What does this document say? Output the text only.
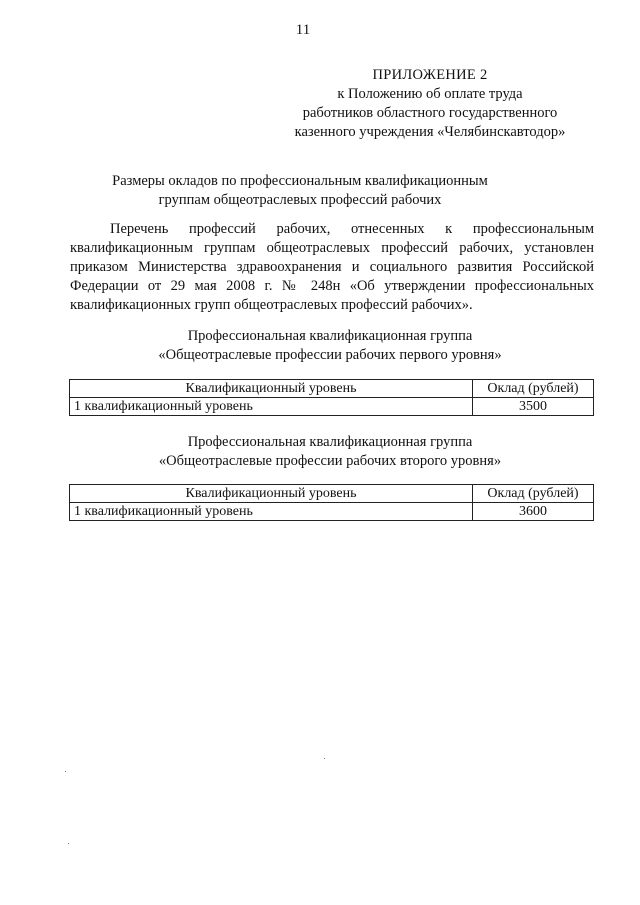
11
ПРИЛОЖЕНИЕ 2
к Положению об оплате труда
работников областного государственного
казенного учреждения «Челябинскавтодор»
Размеры окладов по профессиональным квалификационным
группам общеотраслевых профессий рабочих

Перечень профессий рабочих, отнесенных к профессиональным квалификационным группам общеотраслевых профессий рабочих, установлен приказом Министерства здравоохранения и социального развития Российской Федерации от 29 мая 2008 г. № 248н «Об утверждении профессиональных квалификационных групп общеотраслевых профессий рабочих».

Профессиональная квалификационная группа
«Общеотраслевые профессии рабочих первого уровня»
Квалификационный уровень	Оклад (рублей)
1 квалификационный уровень	3500
Профессиональная квалификационная группа
«Общеотраслевые профессии рабочих второго уровня»
Квалификационный уровень	Оклад (рублей)
1 квалификационный уровень	3600
